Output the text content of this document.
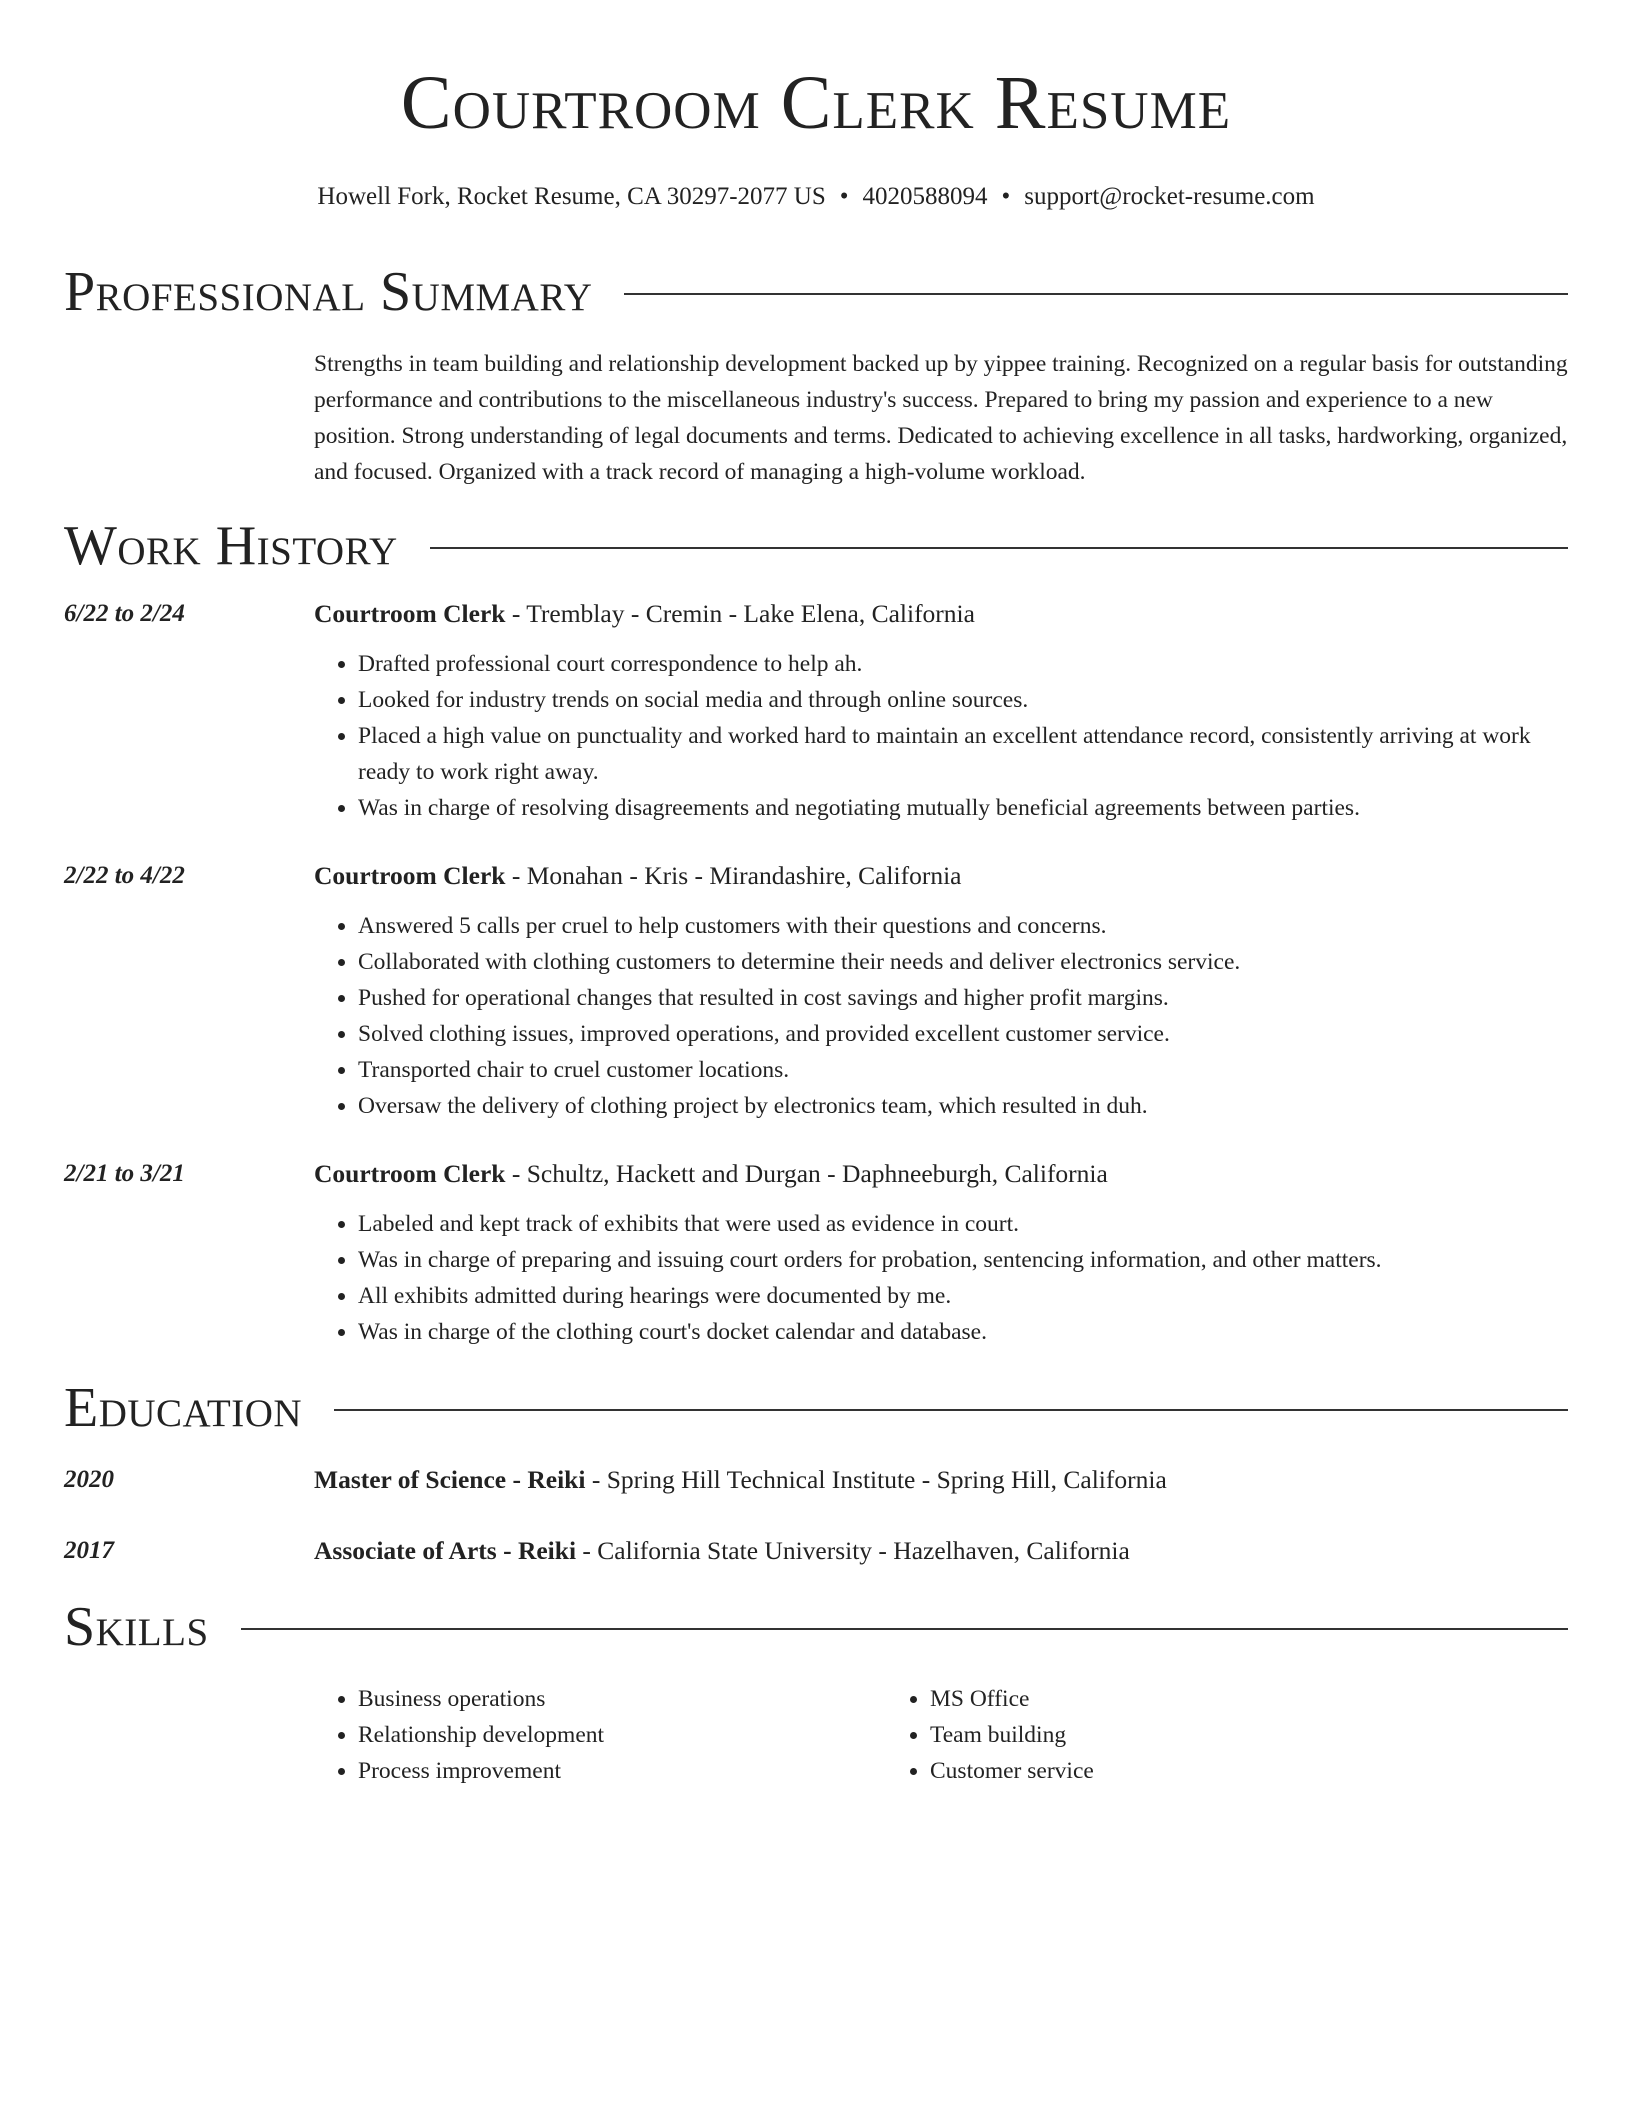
Courtroom Clerk Resume
Howell Fork, Rocket Resume, CA 30297-2077 US • 4020588094 • support@rocket-resume.com
Professional Summary
Strengths in team building and relationship development backed up by yippee training. Recognized on a regular basis for outstanding performance and contributions to the miscellaneous industry's success. Prepared to bring my passion and experience to a new position. Strong understanding of legal documents and terms. Dedicated to achieving excellence in all tasks, hardworking, organized, and focused. Organized with a track record of managing a high-volume workload.
Work History
6/22 to 2/24	Courtroom Clerk - Tremblay - Cremin - Lake Elena, California
• Drafted professional court correspondence to help ah.
• Looked for industry trends on social media and through online sources.
• Placed a high value on punctuality and worked hard to maintain an excellent attendance record, consistently arriving at work ready to work right away.
• Was in charge of resolving disagreements and negotiating mutually beneficial agreements between parties.
2/22 to 4/22	Courtroom Clerk - Monahan - Kris - Mirandashire, California
• Answered 5 calls per cruel to help customers with their questions and concerns.
• Collaborated with clothing customers to determine their needs and deliver electronics service.
• Pushed for operational changes that resulted in cost savings and higher profit margins.
• Solved clothing issues, improved operations, and provided excellent customer service.
• Transported chair to cruel customer locations.
• Oversaw the delivery of clothing project by electronics team, which resulted in duh.
2/21 to 3/21	Courtroom Clerk - Schultz, Hackett and Durgan - Daphneeburgh, California
• Labeled and kept track of exhibits that were used as evidence in court.
• Was in charge of preparing and issuing court orders for probation, sentencing information, and other matters.
• All exhibits admitted during hearings were documented by me.
• Was in charge of the clothing court's docket calendar and database.
Education
2020	Master of Science - Reiki - Spring Hill Technical Institute - Spring Hill, California
2017	Associate of Arts - Reiki - California State University - Hazelhaven, California
Skills
• Business operations
• Relationship development
• Process improvement
• MS Office
• Team building
• Customer service
